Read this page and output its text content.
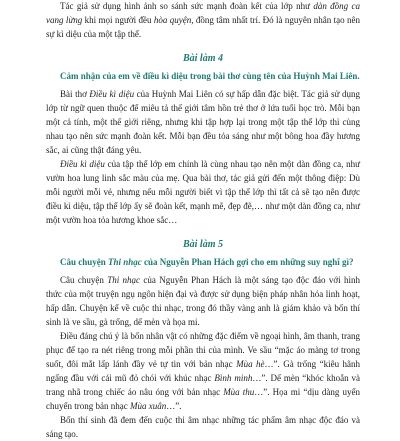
Tác giả sử dụng hình ảnh so sánh sức mạnh đoàn kết của lớp như dàn đồng ca vang lừng khi mọi người đều hòa quyện, đồng tâm nhất trí. Đó là nguyên nhân tạo nên sự kì diệu của một tập thể.

Bài làm 4

Cảm nhận của em về điều kì diệu trong bài thơ cùng tên của Huỳnh Mai Liên.

Bài thơ Điều kì diệu của Huỳnh Mai Liên có sự hấp dẫn đặc biệt. Tác giả sử dụng lớp từ ngữ quen thuộc để miêu tả thế giới tâm hồn trẻ thơ ở lứa tuổi học trò. Mỗi bạn một cá tính, một thế giới riêng, nhưng khi tập hợp lại trong một tập thể lớp thì cùng nhau tạo nên sức mạnh đoàn kết. Mỗi bạn đều tỏa sáng như một bông hoa đầy hương sắc, ai cũng thật đáng yêu.

Điều kì diệu của tập thể lớp em chính là cùng nhau tạo nên một dàn đồng ca, như vườn hoa lung linh sắc màu của mẹ. Qua bài thơ, tác giả gửi đến một thông điệp: Dù mỗi người mỗi vẻ, nhưng nếu mỗi người biết vì tập thể lớp thì tất cả sẽ tạo nên được điều kì diệu, tập thể lớp ấy sẽ đoàn kết, mạnh mẽ, đẹp đẽ,… như một dàn đồng ca, như một vườn hoa tỏa hương khoe sắc…

Bài làm 5

Câu chuyện Thi nhạc của Nguyễn Phan Hách gợi cho em những suy nghĩ gì?

Câu chuyện Thi nhạc của Nguyễn Phan Hách là một sáng tạo độc đáo với hình thức của một truyện ngụ ngôn hiện đại và được sử dụng biện pháp nhân hóa linh hoạt, hấp dẫn. Chuyện kể về cuộc thi nhạc, trong đó thầy vàng anh là giám khảo và bốn thí sinh là ve sầu, gà trống, dế mèn và họa mi.

Điều đáng chú ý là bốn nhân vật có những đặc điểm về ngoại hình, âm thanh, trang phục để tạo ra nét riêng trong mỗi phần thi của mình. Ve sầu “mặc áo màng tơ trong suốt, đôi mắt lấp lánh đầy vẻ tự tin với bản nhạc Mùa hè…”. Gà trống “kiêu hãnh ngẩng đầu với cái mũ đỏ chói với khúc nhạc Bình minh…”. Dế mèn “khóc khoắn và trang nhã trong chiếc áo nâu óng với bản nhạc Mùa thu…”. Họa mi “dịu dàng uyển chuyển trong bản nhạc Mùa xuân…”.

Bốn thí sinh đã đem đến cuộc thi âm nhạc những tác phẩm âm nhạc độc đáo và sáng tạo.
